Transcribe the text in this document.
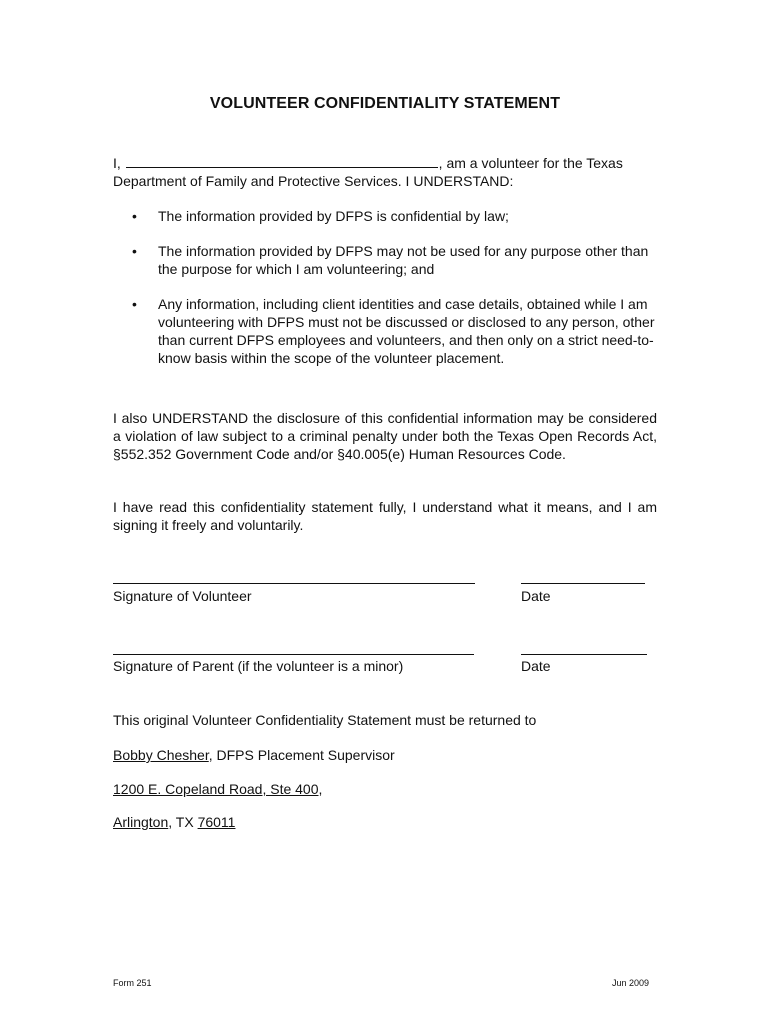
VOLUNTEER CONFIDENTIALITY STATEMENT
I,	, am a volunteer for the Texas Department of Family and Protective Services. I UNDERSTAND:
• The information provided by DFPS is confidential by law;
• The information provided by DFPS may not be used for any purpose other than the purpose for which I am volunteering; and
• Any information, including client identities and case details, obtained while I am volunteering with DFPS must not be discussed or disclosed to any person, other than current DFPS employees and volunteers, and then only on a strict need-to-know basis within the scope of the volunteer placement.
I also UNDERSTAND the disclosure of this confidential information may be considered a violation of law subject to a criminal penalty under both the Texas Open Records Act, §552.352 Government Code and/or §40.005(e) Human Resources Code.
I have read this confidentiality statement fully, I understand what it means, and I am signing it freely and voluntarily.
Signature of Volunteer	Date
Signature of Parent (if the volunteer is a minor)	Date
This original Volunteer Confidentiality Statement must be returned to
Bobby Chesher, DFPS Placement Supervisor
1200 E. Copeland Road, Ste 400,
Arlington, TX 76011
Form 251	Jun 2009
